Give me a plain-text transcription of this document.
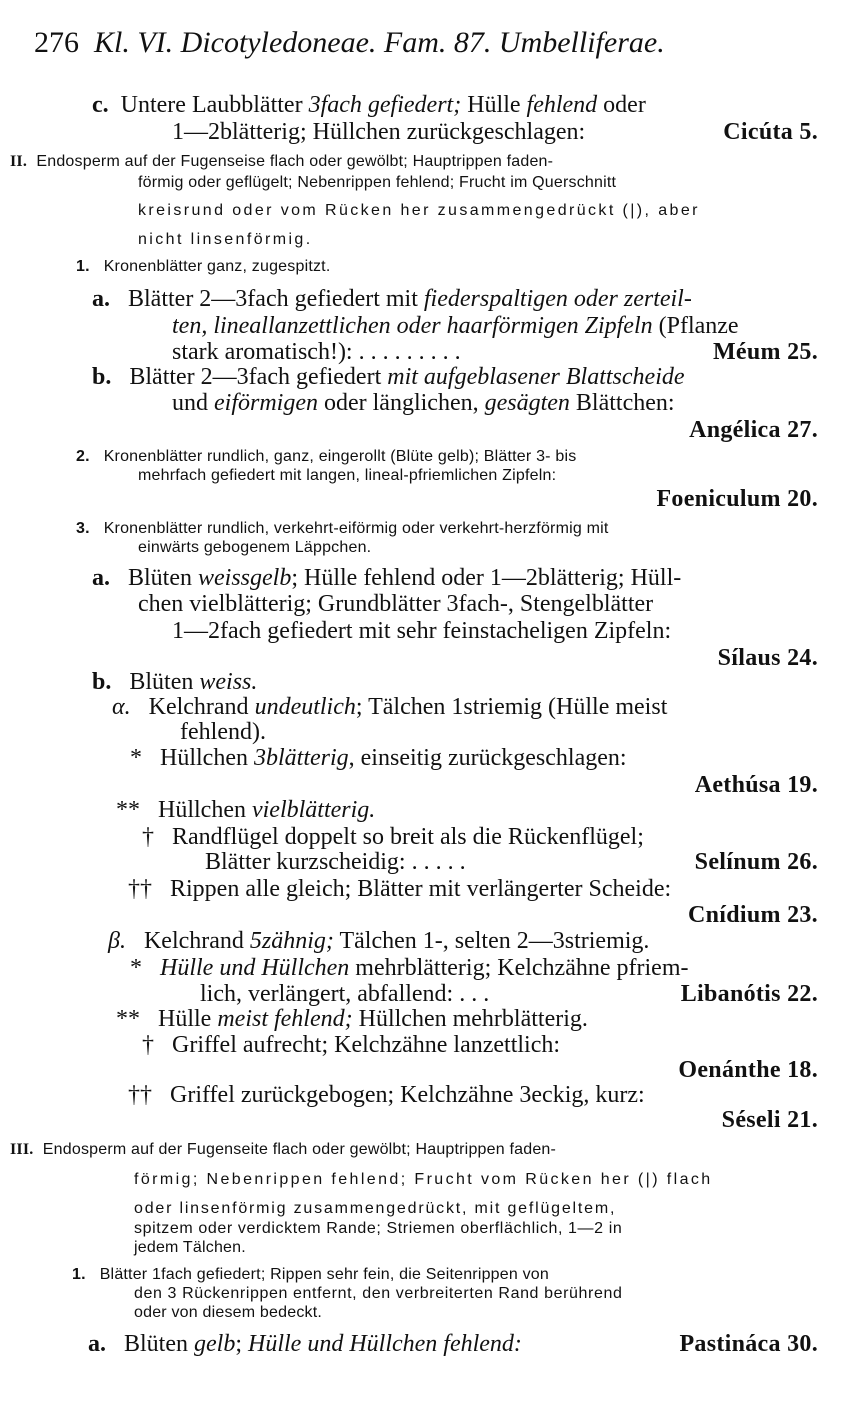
276 Kl. VI. Dicotyledoneae. Fam. 87. Umbelliferae.
c. Untere Laubblätter 3fach gefiedert; Hülle fehlend oder
1—2blätterig; Hüllchen zurückgeschlagen:	Cicúta 5.
II. Endosperm auf der Fugenseise flach oder gewölbt; Hauptrippen faden-
förmig oder geflügelt; Nebenrippen fehlend; Frucht im Querschnitt
kreisrund oder vom Rücken her zusammengedrückt (|), aber
nicht linsenförmig.
1. Kronenblätter ganz, zugespitzt.
a. Blätter 2—3fach gefiedert mit fiederspaltigen oder zerteil-
ten, lineallanzettlichen oder haarförmigen Zipfeln (Pflanze
stark aromatisch!): . . . . . . . . .	Méum 25.
b. Blätter 2—3fach gefiedert mit aufgeblasener Blattscheide
und eiförmigen oder länglichen, gesägten Blättchen:
Angélica 27.
2. Kronenblätter rundlich, ganz, eingerollt (Blüte gelb); Blätter 3- bis
mehrfach gefiedert mit langen, lineal-pfriemlichen Zipfeln:
Foeniculum 20.
3. Kronenblätter rundlich, verkehrt-eiförmig oder verkehrt-herzförmig mit
einwärts gebogenem Läppchen.
a. Blüten weissgelb; Hülle fehlend oder 1—2blätterig; Hüll-
chen vielblätterig; Grundblätter 3fach-, Stengelblätter
1—2fach gefiedert mit sehr feinstacheligen Zipfeln:
Sílaus 24.
b. Blüten weiss.
α. Kelchrand undeutlich; Tälchen 1striemig (Hülle meist
fehlend).
* Hüllchen 3blätterig, einseitig zurückgeschlagen:
Aethúsa 19.
** Hüllchen vielblätterig.
† Randflügel doppelt so breit als die Rückenflügel;
Blätter kurzscheidig: . . . . .	Selínum 26.
†† Rippen alle gleich; Blätter mit verlängerter Scheide:
Cnídium 23.
β. Kelchrand 5zähnig; Tälchen 1-, selten 2—3striemig.
* Hülle und Hüllchen mehrblätterig; Kelchzähne pfriem-
lich, verlängert, abfallend: . . .	Libanótis 22.
** Hülle meist fehlend; Hüllchen mehrblätterig.
† Griffel aufrecht; Kelchzähne lanzettlich:
Oenánthe 18.
†† Griffel zurückgebogen; Kelchzähne 3eckig, kurz:
Séseli 21.
III. Endosperm auf der Fugenseite flach oder gewölbt; Hauptrippen faden-
förmig; Nebenrippen fehlend; Frucht vom Rücken her (|) flach
oder linsenförmig zusammengedrückt, mit geflügeltem,
spitzem oder verdicktem Rande; Striemen oberflächlich, 1—2 in
jedem Tälchen.
1. Blätter 1fach gefiedert; Rippen sehr fein, die Seitenrippen von
den 3 Rückenrippen entfernt, den verbreiterten Rand berührend
oder von diesem bedeckt.
a. Blüten gelb; Hülle und Hüllchen fehlend:	Pastináca 30.
